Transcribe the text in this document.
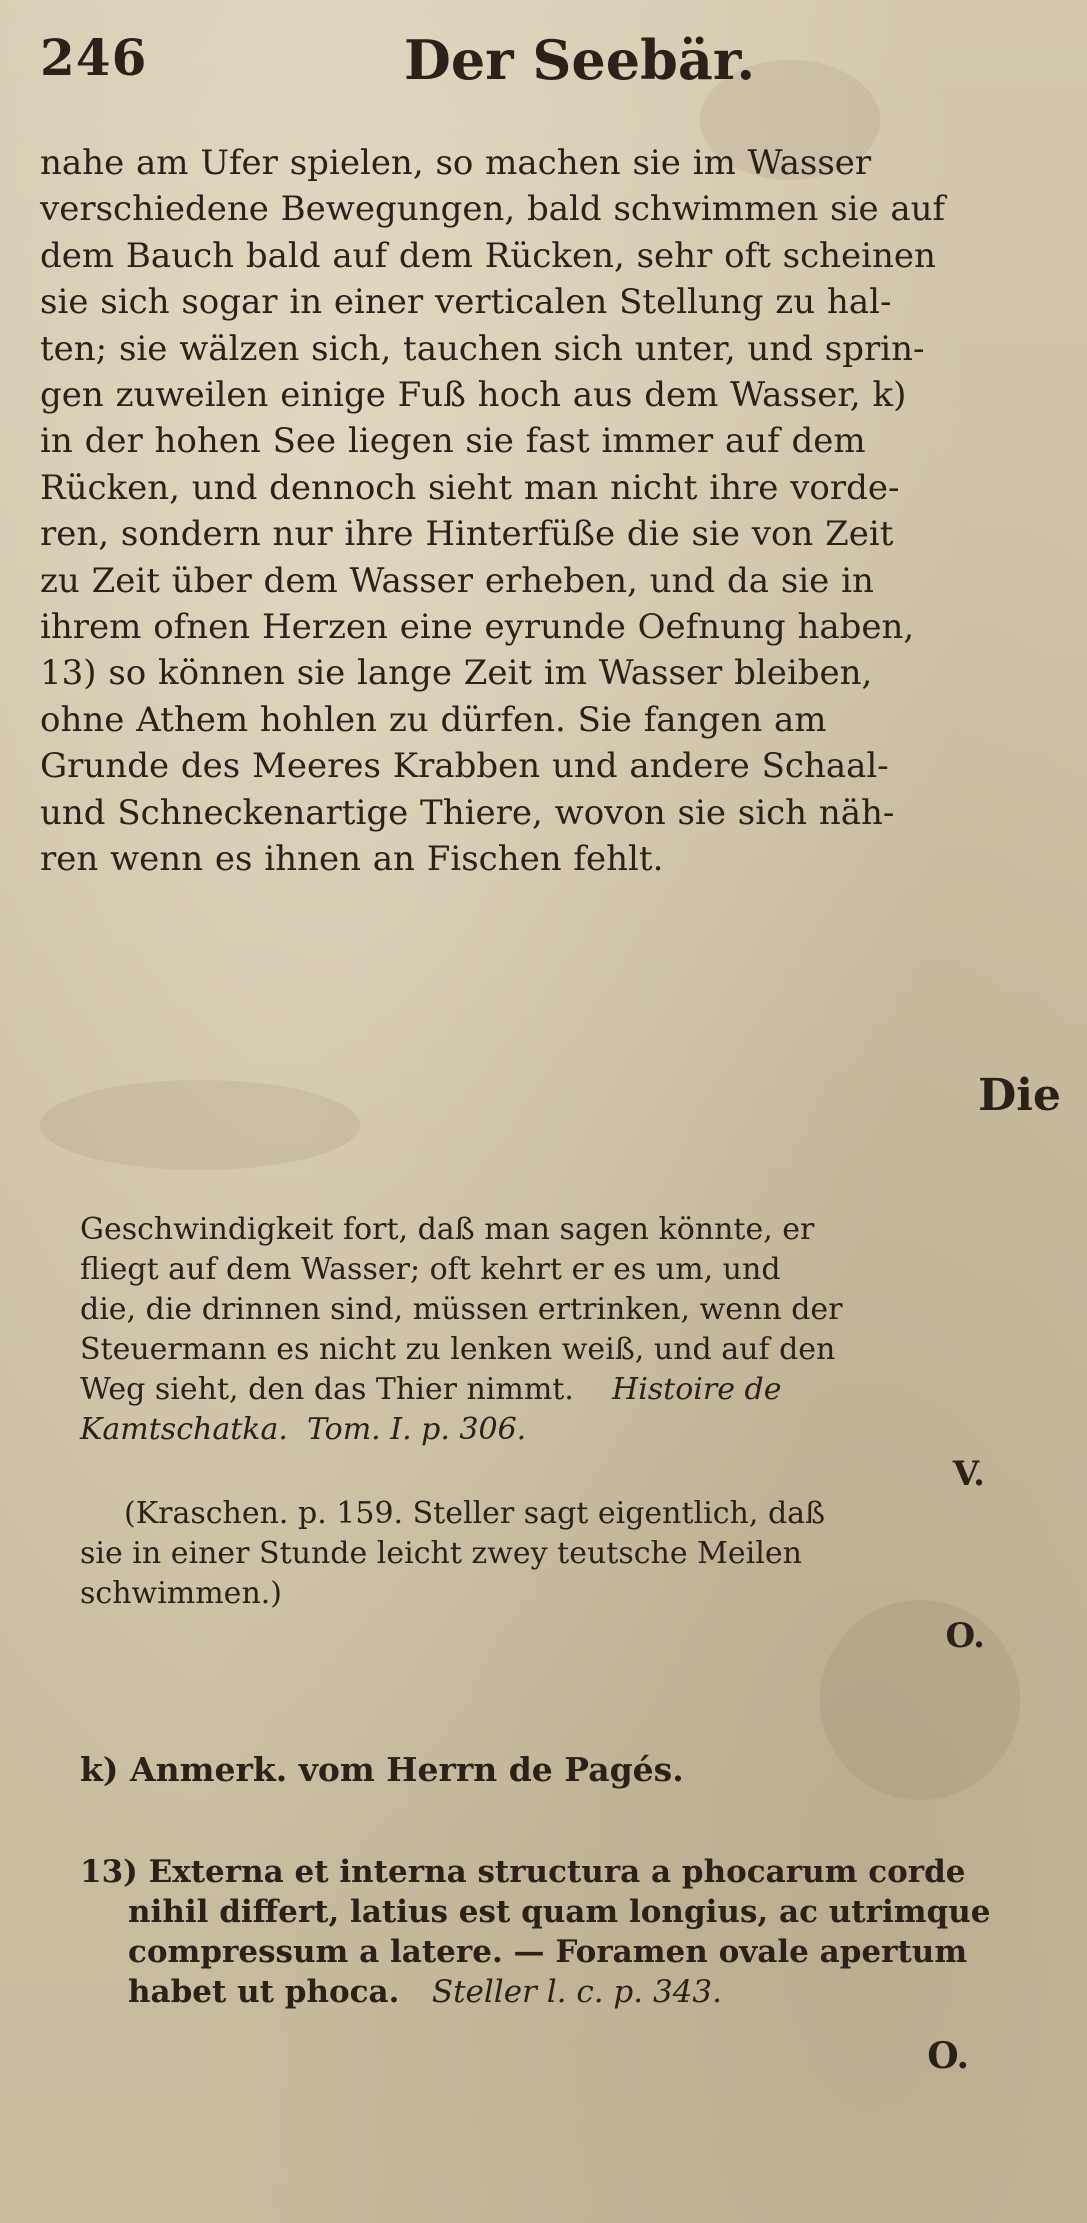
246	Der Seebär.
nahe am Ufer spielen, so machen sie im Wasser
verschiedene Bewegungen, bald schwimmen sie auf
dem Bauch bald auf dem Rücken, sehr oft scheinen
sie sich sogar in einer verticalen Stellung zu hal-
ten; sie wälzen sich, tauchen sich unter, und sprin-
gen zuweilen einige Fuß hoch aus dem Wasser, k)
in der hohen See liegen sie fast immer auf dem
Rücken, und dennoch sieht man nicht ihre vorde-
ren, sondern nur ihre Hinterfüße die sie von Zeit
zu Zeit über dem Wasser erheben, und da sie in
ihrem ofnen Herzen eine eyrunde Oefnung haben,
13) so können sie lange Zeit im Wasser bleiben,
ohne Athem hohlen zu dürfen. Sie fangen am
Grunde des Meeres Krabben und andere Schaal-
und Schneckenartige Thiere, wovon sie sich näh-
ren wenn es ihnen an Fischen fehlt.
Die
Geschwindigkeit fort, daß man sagen könnte, er
fliegt auf dem Wasser; oft kehrt er es um, und
die, die drinnen sind, müssen ertrinken, wenn der
Steuermann es nicht zu lenken weiß, und auf den
Weg sieht, den das Thier nimmt. Histoire de
Kamtschatka. Tom. I. p. 306.
V.
(Kraschen. p. 159. Steller sagt eigentlich, daß
sie in einer Stunde leicht zwey teutsche Meilen
schwimmen.)
O.
k) Anmerk. vom Herrn de Pagés.
13) Externa et interna structura a phocarum corde
nihil differt, latius est quam longius, ac utrimque
compressum a latere. — Foramen ovale apertum
habet ut phoca. Steller l. c. p. 343.
O.
